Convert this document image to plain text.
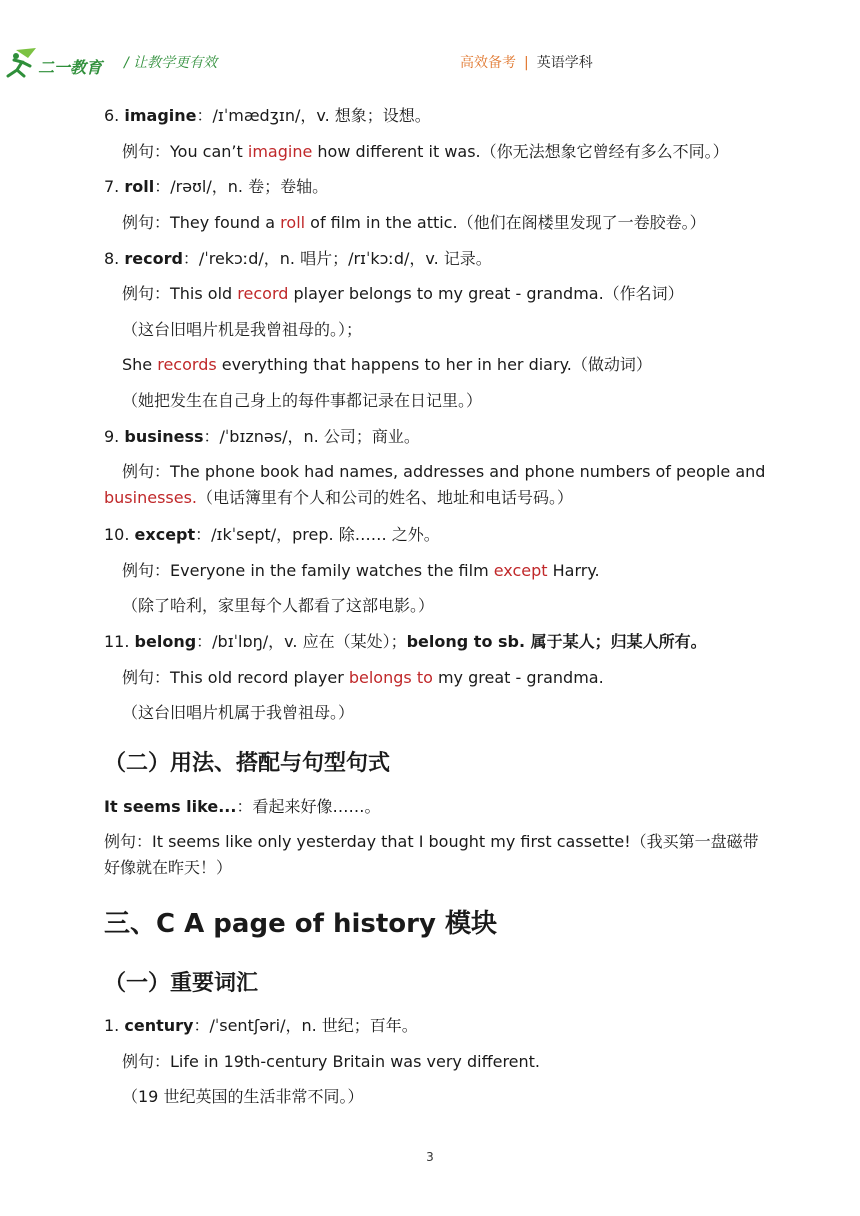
二一教育 / 让教学更有效	高效备考 | 英语学科
6. imagine：/ɪˈmædʒɪn/，v. 想象；设想。
例句：You can’t imagine how different it was.（你无法想象它曾经有多么不同。）
7. roll：/rəʊl/，n. 卷；卷轴。
例句：They found a roll of film in the attic.（他们在阁楼里发现了一卷胶卷。）
8. record：/ˈrekɔːd/，n. 唱片；/rɪˈkɔːd/，v. 记录。
例句：This old record player belongs to my great - grandma.（作名词）
（这台旧唱片机是我曾祖母的。）；
She records everything that happens to her in her diary.（做动词）
（她把发生在自己身上的每件事都记录在日记里。）
9. business：/ˈbɪznəs/，n. 公司；商业。
例句：The phone book had names, addresses and phone numbers of people and
businesses.（电话簿里有个人和公司的姓名、地址和电话号码。）
10. except：/ɪkˈsept/，prep. 除…… 之外。
例句：Everyone in the family watches the film except Harry.
（除了哈利，家里每个人都看了这部电影。）
11. belong：/bɪˈlɒŋ/，v. 应在（某处）；belong to sb. 属于某人；归某人所有。
例句：This old record player belongs to my great - grandma.
（这台旧唱片机属于我曾祖母。）
（二）用法、搭配与句型句式
It seems like...：看起来好像……。
例句：It seems like only yesterday that I bought my first cassette!（我买第一盘磁带
好像就在昨天！）
三、C A page of history 模块
（一）重要词汇
1. century：/ˈsentʃəri/，n. 世纪；百年。
例句：Life in 19th-century Britain was very different.
（19 世纪英国的生活非常不同。）
3
